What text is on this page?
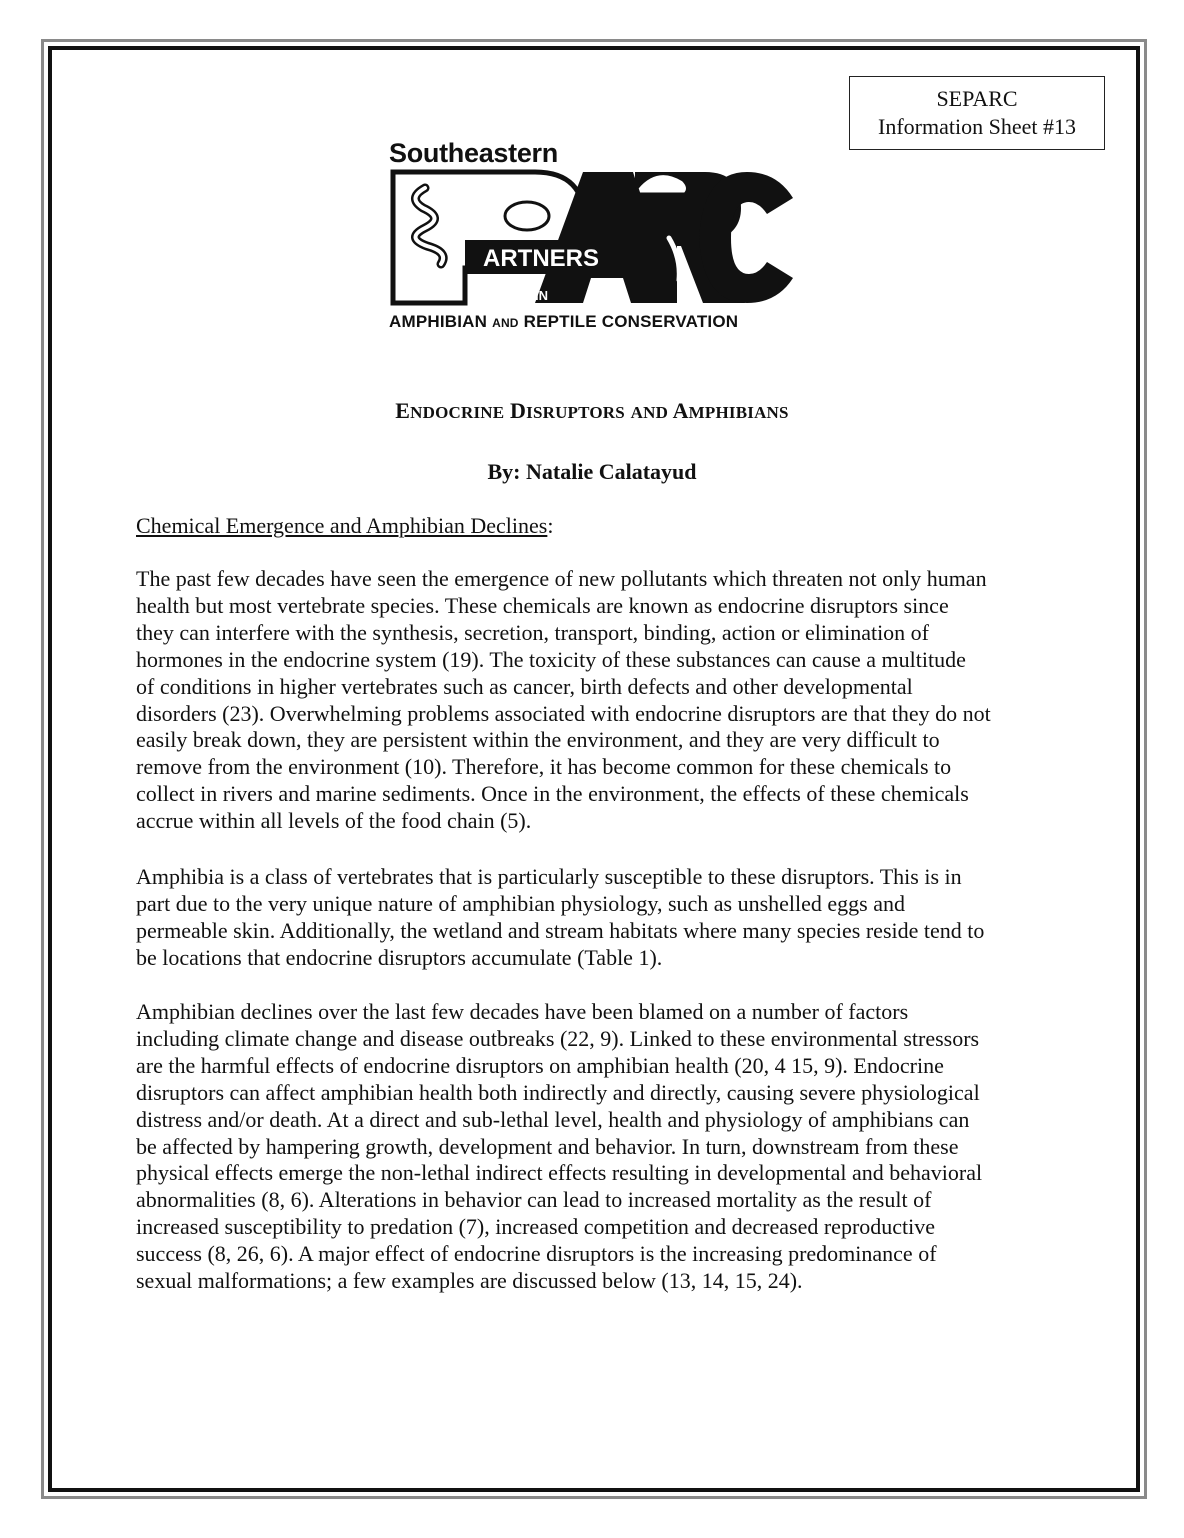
SEPARC
Information Sheet #13
Southeastern
ARTNERS
IN
AMPHIBIAN AND REPTILE CONSERVATION
ENDOCRINE DISRUPTORS AND AMPHIBIANS
By: Natalie Calatayud
Chemical Emergence and Amphibian Declines:
The past few decades have seen the emergence of new pollutants which threaten not only human
health but most vertebrate species. These chemicals are known as endocrine disruptors since
they can interfere with the synthesis, secretion, transport, binding, action or elimination of
hormones in the endocrine system (19). The toxicity of these substances can cause a multitude
of conditions in higher vertebrates such as cancer, birth defects and other developmental
disorders (23). Overwhelming problems associated with endocrine disruptors are that they do not
easily break down, they are persistent within the environment, and they are very difficult to
remove from the environment (10). Therefore, it has become common for these chemicals to
collect in rivers and marine sediments. Once in the environment, the effects of these chemicals
accrue within all levels of the food chain (5).
Amphibia is a class of vertebrates that is particularly susceptible to these disruptors. This is in
part due to the very unique nature of amphibian physiology, such as unshelled eggs and
permeable skin. Additionally, the wetland and stream habitats where many species reside tend to
be locations that endocrine disruptors accumulate (Table 1).
Amphibian declines over the last few decades have been blamed on a number of factors
including climate change and disease outbreaks (22, 9). Linked to these environmental stressors
are the harmful effects of endocrine disruptors on amphibian health (20, 4 15, 9). Endocrine
disruptors can affect amphibian health both indirectly and directly, causing severe physiological
distress and/or death. At a direct and sub-lethal level, health and physiology of amphibians can
be affected by hampering growth, development and behavior. In turn, downstream from these
physical effects emerge the non-lethal indirect effects resulting in developmental and behavioral
abnormalities (8, 6). Alterations in behavior can lead to increased mortality as the result of
increased susceptibility to predation (7), increased competition and decreased reproductive
success (8, 26, 6). A major effect of endocrine disruptors is the increasing predominance of
sexual malformations; a few examples are discussed below (13, 14, 15, 24).
